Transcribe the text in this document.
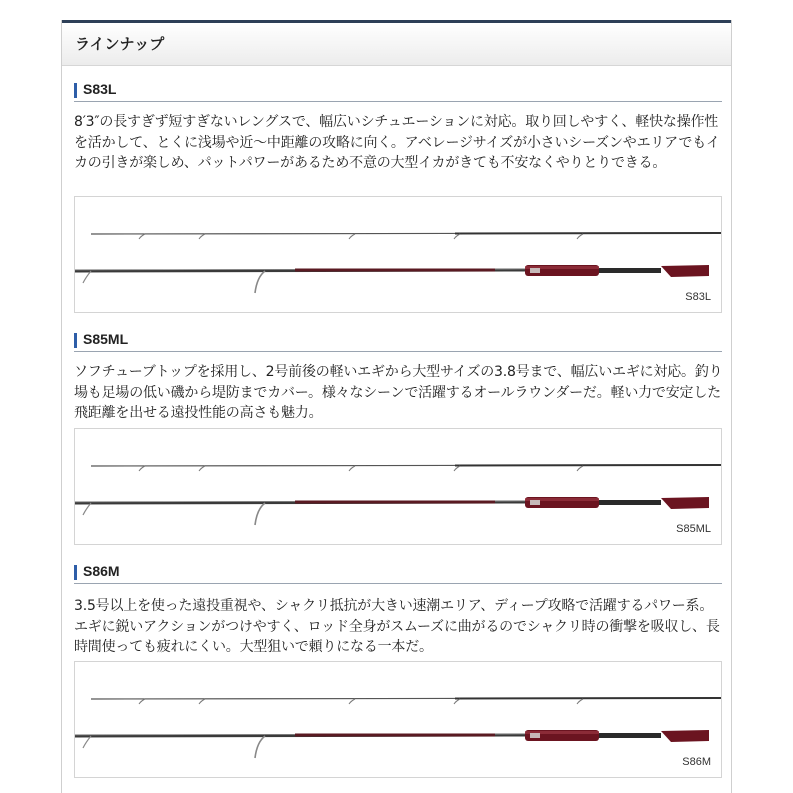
ラインナップ
S83L
8′3″の長すぎず短すぎないレングスで、幅広いシチュエーションに対応。取り回しやすく、軽快な操作性を活かして、とくに浅場や近〜中距離の攻略に向く。アベレージサイズが小さいシーズンやエリアでもイカの引きが楽しめ、パットパワーがあるため不意の大型イカがきても不安なくやりとりできる。
S83L
S85ML
ソフチューブトップを採用し、2号前後の軽いエギから大型サイズの3.8号まで、幅広いエギに対応。釣り場も足場の低い磯から堤防までカバー。様々なシーンで活躍するオールラウンダーだ。軽い力で安定した飛距離を出せる遠投性能の高さも魅力。
S85ML
S86M
3.5号以上を使った遠投重視や、シャクリ抵抗が大きい速潮エリア、ディープ攻略で活躍するパワー系。エギに鋭いアクションがつけやすく、ロッド全身がスムーズに曲がるのでシャクリ時の衝撃を吸収し、長時間使っても疲れにくい。大型狙いで頼りになる一本だ。
S86M
